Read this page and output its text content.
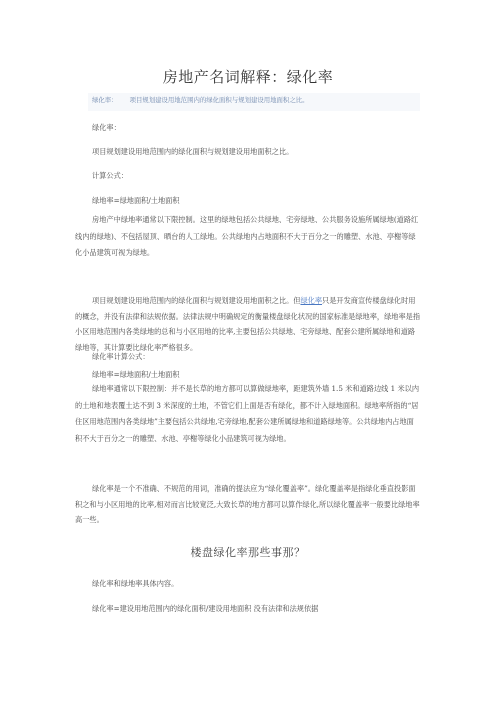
房地产名词解释：绿化率
绿化率： 项目规划建设用地范围内的绿化面积与规划建设用地面积之比。
绿化率：
项目规划建设用地范围内的绿化面积与规划建设用地面积之比。
计算公式：
绿地率=绿地面积/土地面积
房地产中绿地率通常以下限控制。这里的绿地包括公共绿地、宅旁绿地、公共服务设施所属绿地(道路红线内的绿地)、不包括屋顶、晒台的人工绿地。公共绿地内占地面积不大于百分之一的雕塑、水池、亭榭等绿化小品建筑可视为绿地。
项目规划建设用地范围内的绿化面积与规划建设用地面积之比。但绿化率只是开发商宣传楼盘绿化时用的概念，并没有法律和法规依据。法律法规中明确规定的衡量楼盘绿化状况的国家标准是绿地率，绿地率是指小区用地范围内各类绿地的总和与小区用地的比率,主要包括公共绿地、宅旁绿地、配套公建所属绿地和道路绿地等，其计算要比绿化率严格很多。
绿化率计算公式：
绿地率=绿地面积/土地面积
绿地率通常以下限控制：并不是长草的地方都可以算做绿地率，距建筑外墙 1.5 米和道路边线 1 米以内的土地和地表覆土达不到 3 米深度的土地，不管它们上面是否有绿化，都不计入绿地面积。绿地率所指的“居住区用地范围内各类绿地”主要包括公共绿地,宅旁绿地,配套公建所属绿地和道路绿地等。公共绿地内占地面积不大于百分之一的雕塑、水池、亭榭等绿化小品建筑可视为绿地。
绿化率是一个不准确、不规范的用词，准确的提法应为“绿化覆盖率”。绿化覆盖率是指绿化垂直投影面积之和与小区用地的比率,相对而言比较宽泛,大致长草的地方都可以算作绿化,所以绿化覆盖率一般要比绿地率高一些。
楼盘绿化率那些事那？
绿化率和绿地率具体内容。
绿化率=建设用地范围内的绿化面积/建设用地面积 没有法律和法规依据
